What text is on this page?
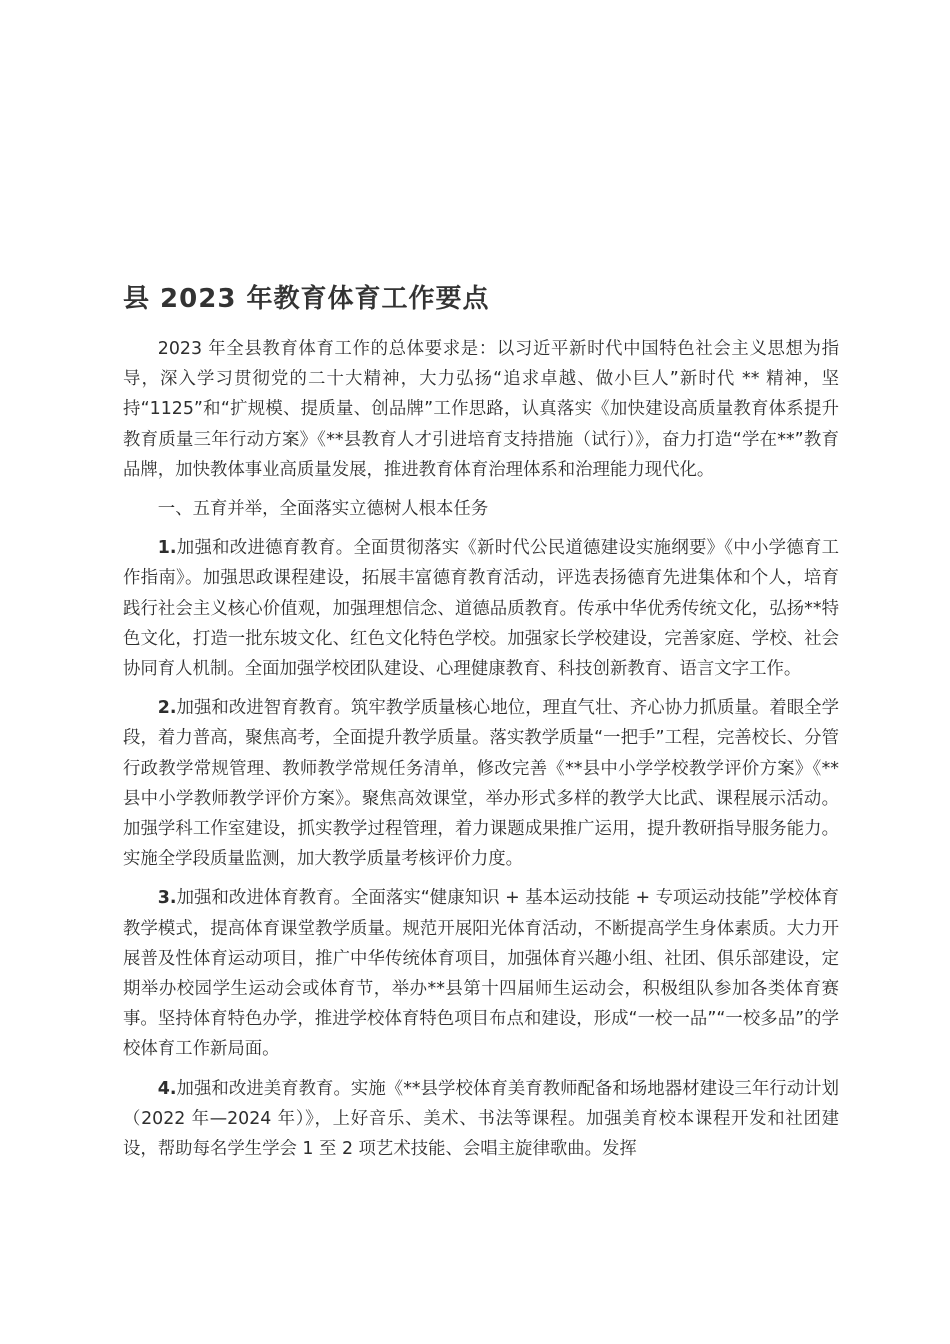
县 2023 年教育体育工作要点

2023 年全县教育体育工作的总体要求是：以习近平新时代中国特色社会主义思想为指导，深入学习贯彻党的二十大精神，大力弘扬“追求卓越、做小巨人”新时代 ** 精神，坚持“1125”和“扩规模、提质量、创品牌”工作思路，认真落实《加快建设高质量教育体系提升教育质量三年行动方案》《**县教育人才引进培育支持措施（试行）》，奋力打造“学在**”教育品牌，加快教体事业高质量发展，推进教育体育治理体系和治理能力现代化。

一、五育并举，全面落实立德树人根本任务

1.加强和改进德育教育。全面贯彻落实《新时代公民道德建设实施纲要》《中小学德育工作指南》。加强思政课程建设，拓展丰富德育教育活动，评选表扬德育先进集体和个人，培育践行社会主义核心价值观，加强理想信念、道德品质教育。传承中华优秀传统文化，弘扬**特色文化，打造一批东坡文化、红色文化特色学校。加强家长学校建设，完善家庭、学校、社会协同育人机制。全面加强学校团队建设、心理健康教育、科技创新教育、语言文字工作。

2.加强和改进智育教育。筑牢教学质量核心地位，理直气壮、齐心协力抓质量。着眼全学段，着力普高，聚焦高考，全面提升教学质量。落实教学质量“一把手”工程，完善校长、分管行政教学常规管理、教师教学常规任务清单，修改完善《**县中小学学校教学评价方案》《**县中小学教师教学评价方案》。聚焦高效课堂，举办形式多样的教学大比武、课程展示活动。加强学科工作室建设，抓实教学过程管理，着力课题成果推广运用，提升教研指导服务能力。实施全学段质量监测，加大教学质量考核评价力度。

3.加强和改进体育教育。全面落实“健康知识 + 基本运动技能 + 专项运动技能”学校体育教学模式，提高体育课堂教学质量。规范开展阳光体育活动，不断提高学生身体素质。大力开展普及性体育运动项目，推广中华传统体育项目，加强体育兴趣小组、社团、俱乐部建设，定期举办校园学生运动会或体育节，举办**县第十四届师生运动会，积极组队参加各类体育赛事。坚持体育特色办学，推进学校体育特色项目布点和建设，形成“一校一品”“一校多品”的学校体育工作新局面。

4.加强和改进美育教育。实施《**县学校体育美育教师配备和场地器材建设三年行动计划（2022 年—2024 年）》，上好音乐、美术、书法等课程。加强美育校本课程开发和社团建设，帮助每名学生学会 1 至 2 项艺术技能、会唱主旋律歌曲。发挥
